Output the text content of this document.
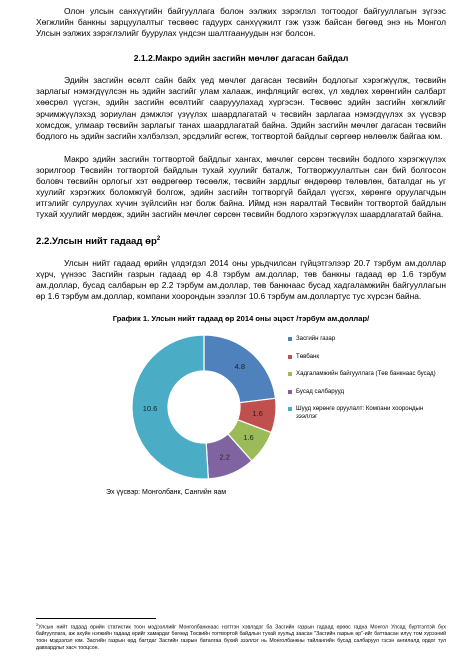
Олон улсын санхүүгийн байгууллага болон ээлжих зэрэглэл тогтоодог байгууллагын зүгээс Хөгжлийн банкны зарцуулалтыг төсвөөс гадуурх санхүүжилт гэж үзэж байсан бөгөөд энэ нь Монгол Улсын ээлжих зэрэглэлийг буурулах үндсэн шалтгаануудын нэг болсон.

2.1.2.Макро эдийн засгийн мөчлөг дагасан байдал

Эдийн засгийн өсөлт сайн байх үед мөчлөг дагасан төсвийн бодлогыг хэрэгжүүлж, төсвийн зарлагыг нэмэгдүүлсэн нь эдийн засгийг улам халааж, инфляцийг өсгөх, үл хөдлөх хөрөнгийн салбарт хөөсрөл үүсгэн, эдийн засгийн өсөлтийг саарууулахад хүргэсэн. Төсвөөс эдийн засгийн хөгжлийг эрчимжүүлэхэд зориулан дэмжлэг үзүүлэх шаардлагатай ч төсвийн зарлагаа нэмэгдүүлэх эх үүсвэр хомсдож, улмаар төсвийн зарлагыг танах шаардлагатай байна. Эдийн засгийн мөчлөг дагасан төсвийн бодлого нь эдийн засгийн хэлбэлзэл, эрсдэлийг өсгөж, тогтвортой байдлыг сөргөөр нөлөөлж байгаа юм.

Макро эдийн засгийн тогтвортой байдлыг хангах, мөчлөг сөрсөн төсвийн бодлого хэрэгжүүлэх зорилгоор Төсвийн тогтвортой байдлын тухай хуулийг баталж, Тогтворжуулалтын сан бий болгосон боловч төсвийн орлогыг хэт өөдрөгөөр төсөөлж, төсвийн зардлыг өндөрөөр төлөвлөн, баталдаг нь уг хуулийг хэрэгжих боломжгүй болгож, эдийн засгийн тогтворгүй байдал үүсгэх, хөрөнгө оруулагчдын итгэлийг сулруулах хүчин зүйлсийн нэг болж байна. Иймд нэн яаралтай Төсвийн тогтвортой байдлын тухай хуулийг мөрдөж, эдийн засгийн мөчлөг сөрсөн төсвийн бодлого хэрэгжүүлэх шаардлагатай байна.

2.2.Улсын нийт гадаад $өр^2$

Улсын нийт гадаад өрийн үлдэгдэл 2014 оны урьдчилсан гүйцэтгэлээр 20.7 тэрбум ам.доллар хүрч, үүнээс Засгийн газрын гадаад өр 4.8 тэрбум ам.доллар, төв банкны гадаад өр 1.6 тэрбум ам.доллар, бусад салбарын өр 2.2 тэрбум ам.доллар, төв банкнаас бусад хадгаламжийн байгууллагын өр 1.6 тэрбум ам.доллар, компани хоорондын зээллэг 10.6 тэрбум ам.доллартус тус хүрсэн байна.

График 1. Улсын нийт гадаад өр 2014 оны эцэст /тэрбум ам.доллар/
4.8
1.6
1.6
2.2
10.6
Засгийн газар
Төвбанк
Хадгаламжийн байгууллага (Төв банкнаас бусад)
Бусад салбарууд
Шууд хөрөнге оруулалт: Компани хоорондын зээллэг
Эх үүсвэр: Монголбанк, Сангийн яам
$^2$Улсын нийт гадаад өрийн статистик тоон мэдээллийг Монголбанкнаас нэгтгэн хэвлэдэг ба Засгийн газрын гадаад өрөөс гадна Монгол Улсад бүртгэлтэй бүх байгууллага, аж ахуйн нэгжийн гадаад өрийг хамардаг бөгөөд Төсвийн тогтвортой байдлын тухай хуульд заасан "Засгийн газрын өр"-ийг баттаасан илүү том хүрээний тоон мэдээлэл юм. Засгийн газрын өрд багтдаг Засгийн газрын баталгаа бүхий зээллэг нь Монголбанкны тайлангийн бусад салбаруул гэсэн ангилалд ордог тул давхардлыг хасч тооцсон.
